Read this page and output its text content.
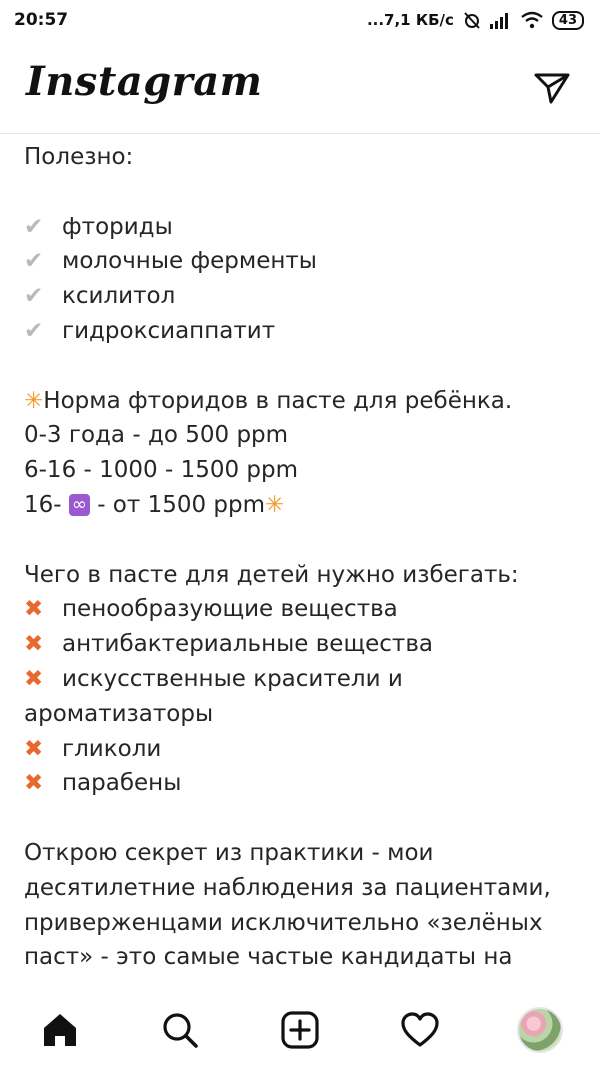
20:57	...7,1 КБ/с	43
Instagram
Полезно:
✔ фториды
✔ молочные ферменты
✔ ксилитол
✔ гидроксиаппатит
✳Норма фторидов в пасте для ребёнка.
0-3 года - до 500 ppm
6-16 - 1000 - 1500 ppm
16- ∞ - от 1500 ppm✳
Чего в пасте для детей нужно избегать:
✖ пенообразующие вещества
✖ антибактериальные вещества
✖ искусственные красители и
ароматизаторы
✖ гликоли
✖ парабены
Открою секрет из практики - мои десятилетние наблюдения за пациентами, приверженцами исключительно «зелёных паст» - это самые частые кандидаты на
